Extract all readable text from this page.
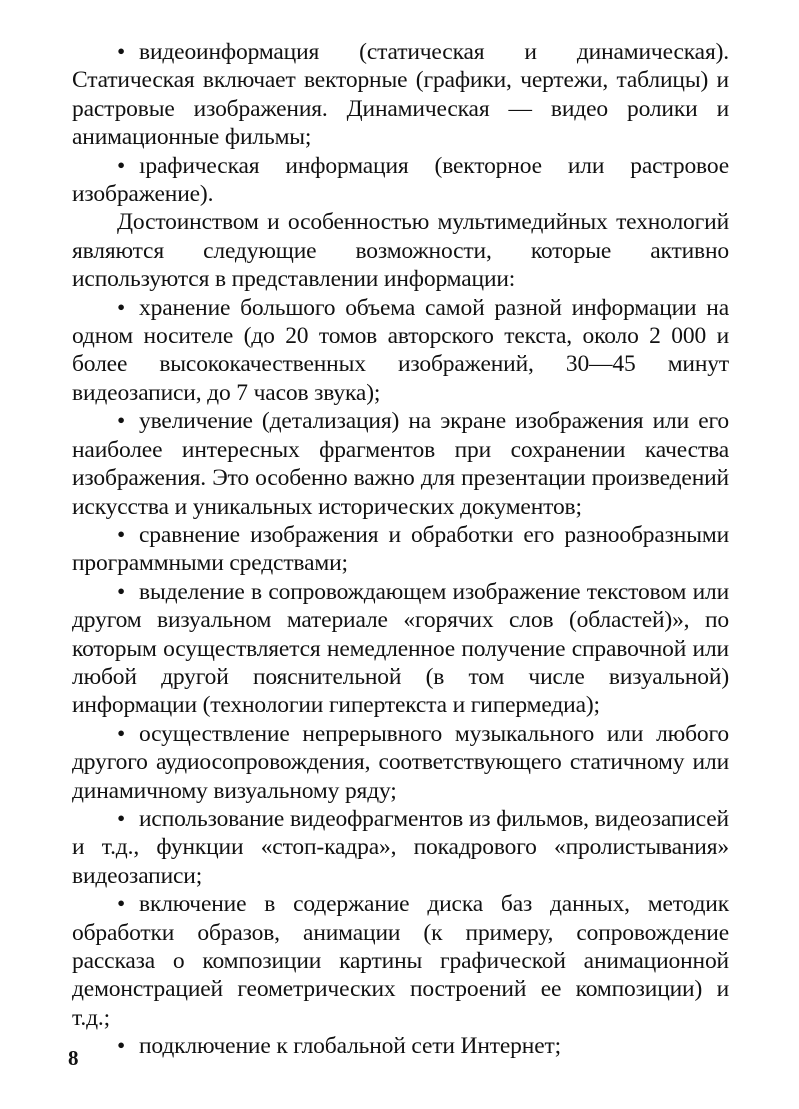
• видеоинформация (статическая и динамическая). Статическая включает векторные (графики, чертежи, таблицы) и растровые изображения. Динамическая — видео ролики и анимационные фильмы;

• ıрафическая информация (векторное или растровое изображение).

Достоинством и особенностью мультимедийных технологий являются следующие возможности, которые активно используются в представлении информации:

• хранение большого объема самой разной информации на одном носителе (до 20 томов авторского текста, около 2 000 и более высококачественных изображений, 30—45 минут видеозаписи, до 7 часов звука);

• увеличение (детализация) на экране изображения или его наиболее интересных фрагментов при сохранении качества изображения. Это особенно важно для презентации произведений искусства и уникальных исторических документов;

• сравнение изображения и обработки его разнообразными программными средствами;

• выделение в сопровождающем изображение текстовом или другом визуальном материале «горячих слов (областей)», по которым осуществляется немедленное получение справочной или любой другой пояснительной (в том числе визуальной) информации (технологии гипертекста и гипермедиа);

• осуществление непрерывного музыкального или любого другого аудиосопровождения, соответствующего статичному или динамичному визуальному ряду;

• использование видеофрагментов из фильмов, видеозаписей и т.д., функции «стоп-кадра», покадрового «пролистывания» видеозаписи;

• включение в содержание диска баз данных, методик обработки образов, анимации (к примеру, сопровождение рассказа о композиции картины графической анимационной демонстрацией геометрических построений ее композиции) и т.д.;

• подключение к глобальной сети Интернет;

8
